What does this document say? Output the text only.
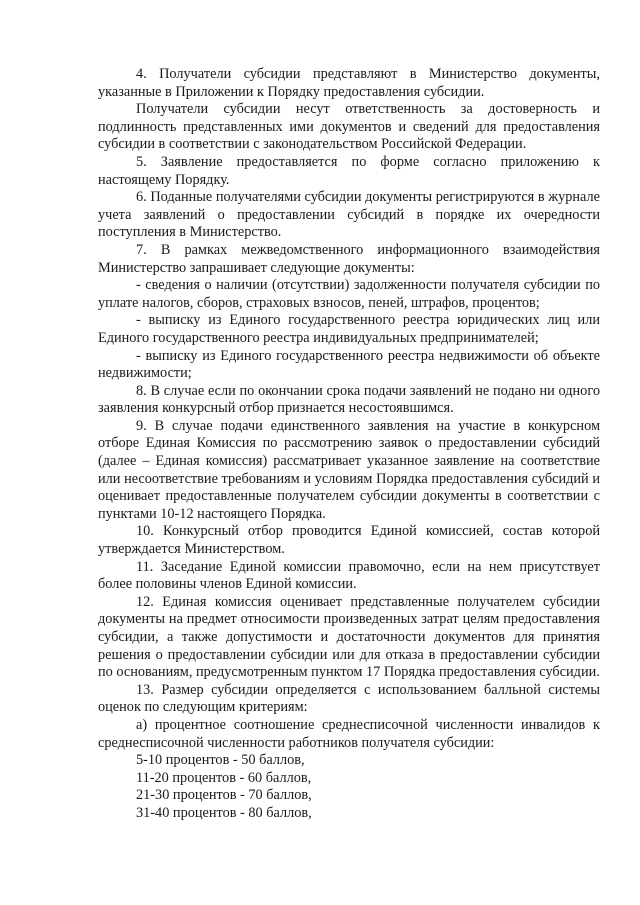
4. Получатели субсидии представляют в Министерство документы, указанные в Приложении к Порядку предоставления субсидии.

Получатели субсидии несут ответственность за достоверность и подлинность представленных ими документов и сведений для предоставления субсидии в соответствии с законодательством Российской Федерации.

5. Заявление предоставляется по форме согласно приложению к настоящему Порядку.

6. Поданные получателями субсидии документы регистрируются в журнале учета заявлений о предоставлении субсидий в порядке их очередности поступления в Министерство.

7. В рамках межведомственного информационного взаимодействия Министерство запрашивает следующие документы:

- сведения о наличии (отсутствии) задолженности получателя субсидии по уплате налогов, сборов, страховых взносов, пеней, штрафов, процентов;

- выписку из Единого государственного реестра юридических лиц или Единого государственного реестра индивидуальных предпринимателей;

- выписку из Единого государственного реестра недвижимости об объекте недвижимости;

8. В случае если по окончании срока подачи заявлений не подано ни одного заявления конкурсный отбор признается несостоявшимся.

9. В случае подачи единственного заявления на участие в конкурсном отборе Единая Комиссия по рассмотрению заявок о предоставлении субсидий (далее – Единая комиссия) рассматривает указанное заявление на соответствие или несоответствие требованиям и условиям Порядка предоставления субсидий и оценивает предоставленные получателем субсидии документы в соответствии с пунктами 10-12 настоящего Порядка.

10. Конкурсный отбор проводится Единой комиссией, состав которой утверждается Министерством.

11. Заседание Единой комиссии правомочно, если на нем присутствует более половины членов Единой комиссии.

12. Единая комиссия оценивает представленные получателем субсидии документы на предмет относимости произведенных затрат целям предоставления субсидии, а также допустимости и достаточности документов для принятия решения о предоставлении субсидии или для отказа в предоставлении субсидии по основаниям, предусмотренным пунктом 17 Порядка предоставления субсидии.

13. Размер субсидии определяется с использованием балльной системы оценок по следующим критериям:

а) процентное соотношение среднесписочной численности инвалидов к среднесписочной численности работников получателя субсидии:

5-10 процентов - 50 баллов,

11-20 процентов - 60 баллов,

21-30 процентов - 70 баллов,

31-40 процентов - 80 баллов,
